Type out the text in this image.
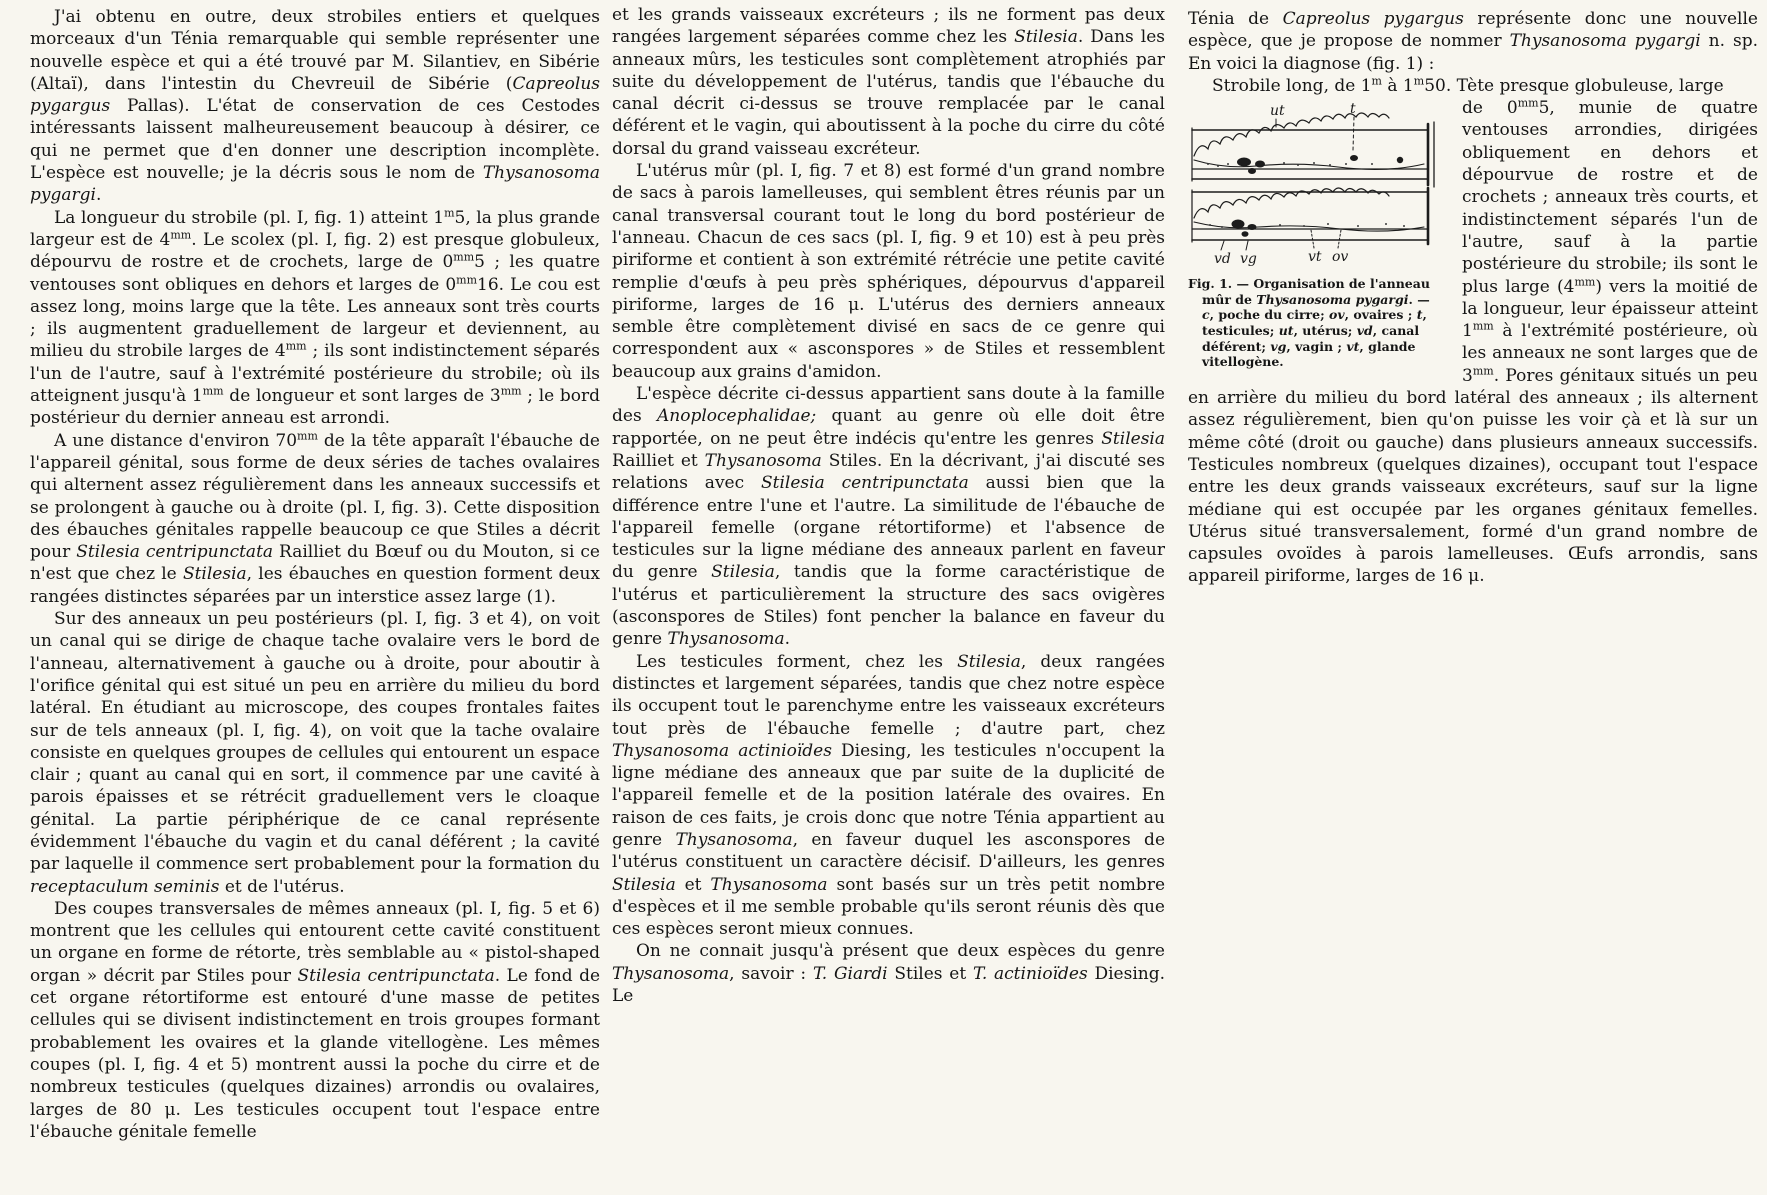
J'ai obtenu en outre, deux strobiles entiers et quelques morceaux d'un Ténia remarquable qui semble représenter une nouvelle espèce et qui a été trouvé par M. Silantiev, en Sibérie (Altaï), dans l'intestin du Chevreuil de Sibérie (Capreolus pygargus Pallas). L'état de conservation de ces Cestodes intéressants laissent malheureusement beaucoup à désirer, ce qui ne permet que d'en donner une description incomplète. L'espèce est nouvelle; je la décris sous le nom de Thysanosoma pygargi.

La longueur du strobile (pl. I, fig. 1) atteint 1$^m$5, la plus grande largeur est de $4^{mm}$. Le scolex (pl. I, fig. 2) est presque globuleux, dépourvu de rostre et de crochets, large de $0^{mm}5$ ; les quatre ventouses sont obliques en dehors et larges de $0^{mm}16$. Le cou est assez long, moins large que la tête. Les anneaux sont très courts ; ils augmentent graduellement de largeur et deviennent, au milieu du strobile larges de $4^{mm}$ ; ils sont indistinctement séparés l'un de l'autre, sauf à l'extrémité postérieure du strobile; où ils atteignent jusqu'à $1^{mm}$ de longueur et sont larges de $3^{mm}$ ; le bord postérieur du dernier anneau est arrondi.

A une distance d'environ $70^{mm}$ de la tête apparaît l'ébauche de l'appareil génital, sous forme de deux séries de taches ovalaires qui alternent assez régulièrement dans les anneaux successifs et se prolongent à gauche ou à droite (pl. I, fig. 3). Cette disposition des ébauches génitales rappelle beaucoup ce que Stiles a décrit pour Stilesia centripunctata Railliet du Bœuf ou du Mouton, si ce n'est que chez le Stilesia, les ébauches en question forment deux rangées distinctes séparées par un interstice assez large (1).

Sur des anneaux un peu postérieurs (pl. I, fig. 3 et 4), on voit un canal qui se dirige de chaque tache ovalaire vers le bord de l'anneau, alternativement à gauche ou à droite, pour aboutir à l'orifice génital qui est situé un peu en arrière du milieu du bord latéral. En étudiant au microscope, des coupes frontales faites sur de tels anneaux (pl. I, fig. 4), on voit que la tache ovalaire consiste en quelques groupes de cellules qui entourent un espace clair ; quant au canal qui en sort, il commence par une cavité à parois épaisses et se rétrécit graduellement vers le cloaque génital. La partie périphérique de ce canal représente évidemment l'ébauche du vagin et du canal déférent ; la cavité par laquelle il commence sert probablement pour la formation du receptaculum seminis et de l'utérus.

Des coupes transversales de mêmes anneaux (pl. I, fig. 5 et 6) montrent que les cellules qui entourent cette cavité constituent un organe en forme de rétorte, très semblable au « pistol-shaped organ » décrit par Stiles pour Stilesia centripunctata. Le fond de cet organe rétortiforme est entouré d'une masse de petites cellules qui se divisent indistinctement en trois groupes formant probablement les ovaires et la glande vitellogène. Les mêmes coupes (pl. I, fig. 4 et 5) montrent aussi la poche du cirre et de nombreux testicules (quelques dizaines) arrondis ou ovalaires, larges de 80 μ. Les testicules occupent tout l'espace entre l'ébauche génitale femelle

et les grands vaisseaux excréteurs ; ils ne forment pas deux rangées largement séparées comme chez les Stilesia. Dans les anneaux mûrs, les testicules sont complètement atrophiés par suite du développement de l'utérus, tandis que l'ébauche du canal décrit ci-dessus se trouve remplacée par le canal déférent et le vagin, qui aboutissent à la poche du cirre du côté dorsal du grand vaisseau excréteur.

L'utérus mûr (pl. I, fig. 7 et 8) est formé d'un grand nombre de sacs à parois lamelleuses, qui semblent êtres réunis par un canal transversal courant tout le long du bord postérieur de l'anneau. Chacun de ces sacs (pl. I, fig. 9 et 10) est à peu près piriforme et contient à son extrémité rétrécie une petite cavité remplie d'œufs à peu près sphériques, dépourvus d'appareil piriforme, larges de 16 μ. L'utérus des derniers anneaux semble être complètement divisé en sacs de ce genre qui correspondent aux « asconspores » de Stiles et ressemblent beaucoup aux grains d'amidon.

L'espèce décrite ci-dessus appartient sans doute à la famille des Anoplocephalidae; quant au genre où elle doit être rapportée, on ne peut être indécis qu'entre les genres Stilesia Railliet et Thysanosoma Stiles. En la décrivant, j'ai discuté ses relations avec Stilesia centripunctata aussi bien que la différence entre l'une et l'autre. La similitude de l'ébauche de l'appareil femelle (organe rétortiforme) et l'absence de testicules sur la ligne médiane des anneaux parlent en faveur du genre Stilesia, tandis que la forme caractéristique de l'utérus et particulièrement la structure des sacs ovigères (asconspores de Stiles) font pencher la balance en faveur du genre Thysanosoma.

Les testicules forment, chez les Stilesia, deux rangées distinctes et largement séparées, tandis que chez notre espèce ils occupent tout le parenchyme entre les vaisseaux excréteurs tout près de l'ébauche femelle ; d'autre part, chez Thysanosoma actinioïdes Diesing, les testicules n'occupent la ligne médiane des anneaux que par suite de la duplicité de l'appareil femelle et de la position latérale des ovaires. En raison de ces faits, je crois donc que notre Ténia appartient au genre Thysanosoma, en faveur duquel les asconspores de l'utérus constituent un caractère décisif. D'ailleurs, les genres Stilesia et Thysanosoma sont basés sur un très petit nombre d'espèces et il me semble probable qu'ils seront réunis dès que ces espèces seront mieux connues.

On ne connait jusqu'à présent que deux espèces du genre Thysanosoma, savoir : T. Giardi Stiles et T. actinioïdes Diesing. Le

Ténia de Capreolus pygargus représente donc une nouvelle espèce, que je propose de nommer Thysanosoma pygargi n. sp. En voici la diagnose (fig. 1) :

Strobile long, de 1$^m$ à 1$^m$50. Tète presque globuleuse, large

ut	t
vd vg	vt ov
Fig. 1. — Organisation de l'anneau mûr de Thysanosoma pygargi. — c, poche du cirre; ov, ovaires ; t, testicules; ut, utérus; vd, canal déférent; vg, vagin ; vt, glande vitellogène.
de $0^{mm}5$, munie de quatre ventouses arrondies, dirigées obliquement en dehors et dépourvue de rostre et de crochets ; anneaux très courts, et indistinctement séparés l'un de l'autre, sauf à la partie postérieure du strobile; ils sont le plus large $(4^{mm})$ vers la moitié de la longueur, leur épaisseur atteint $1^{mm}$ à l'extrémité postérieure, où les anneaux ne sont larges que de $3^{mm}$. Pores génitaux situés un peu en arrière du milieu du bord latéral des anneaux ; ils alternent assez régulièrement, bien qu'on puisse les voir çà et là sur un même côté (droit ou gauche) dans plusieurs anneaux successifs. Testicules nombreux (quelques dizaines), occupant tout l'espace entre les deux grands vaisseaux excréteurs, sauf sur la ligne médiane qui est occupée par les organes génitaux femelles. Utérus situé transversalement, formé d'un grand nombre de capsules ovoïdes à parois lamelleuses. Œufs arrondis, sans appareil piriforme, larges de 16 μ.
